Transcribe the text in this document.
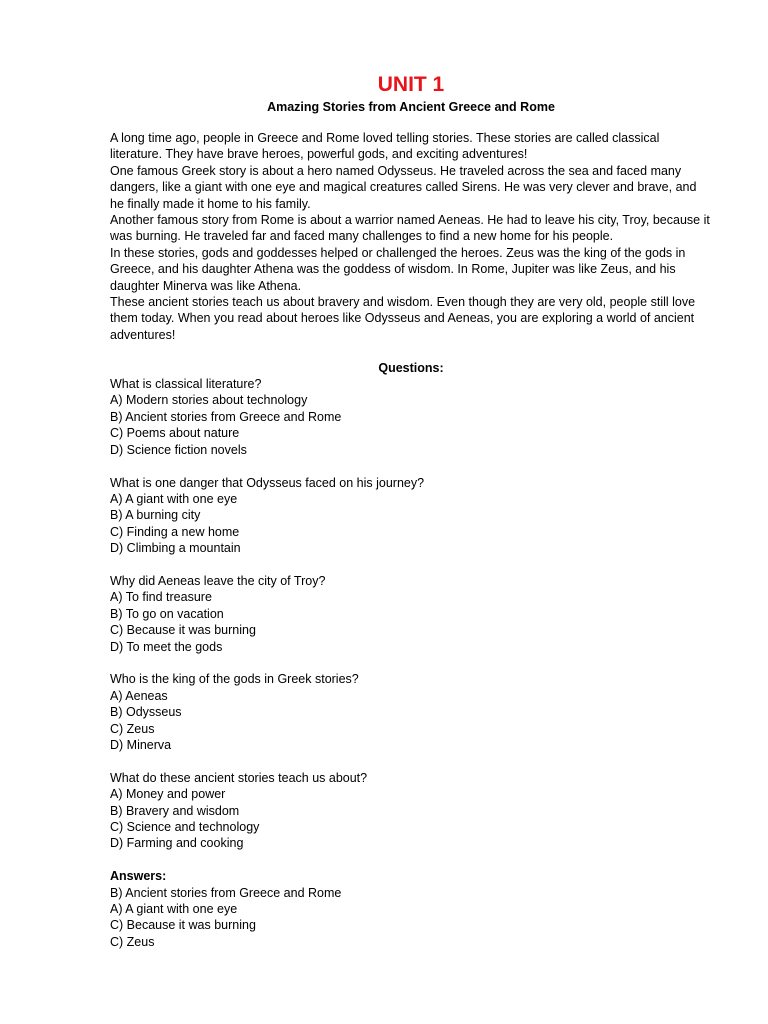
UNIT 1
Amazing Stories from Ancient Greece and Rome

A long time ago, people in Greece and Rome loved telling stories. These stories are called classical literature. They have brave heroes, powerful gods, and exciting adventures!

One famous Greek story is about a hero named Odysseus. He traveled across the sea and faced many dangers, like a giant with one eye and magical creatures called Sirens. He was very clever and brave, and he finally made it home to his family.

Another famous story from Rome is about a warrior named Aeneas. He had to leave his city, Troy, because it was burning. He traveled far and faced many challenges to find a new home for his people.

In these stories, gods and goddesses helped or challenged the heroes. Zeus was the king of the gods in Greece, and his daughter Athena was the goddess of wisdom. In Rome, Jupiter was like Zeus, and his daughter Minerva was like Athena.

These ancient stories teach us about bravery and wisdom. Even though they are very old, people still love them today. When you read about heroes like Odysseus and Aeneas, you are exploring a world of ancient adventures!

Questions:
What is classical literature?
A) Modern stories about technology
B) Ancient stories from Greece and Rome
C) Poems about nature
D) Science fiction novels
What is one danger that Odysseus faced on his journey?
A) A giant with one eye
B) A burning city
C) Finding a new home
D) Climbing a mountain
Why did Aeneas leave the city of Troy?
A) To find treasure
B) To go on vacation
C) Because it was burning
D) To meet the gods
Who is the king of the gods in Greek stories?
A) Aeneas
B) Odysseus
C) Zeus
D) Minerva
What do these ancient stories teach us about?
A) Money and power
B) Bravery and wisdom
C) Science and technology
D) Farming and cooking
Answers:
B) Ancient stories from Greece and Rome
A) A giant with one eye
C) Because it was burning
C) Zeus
